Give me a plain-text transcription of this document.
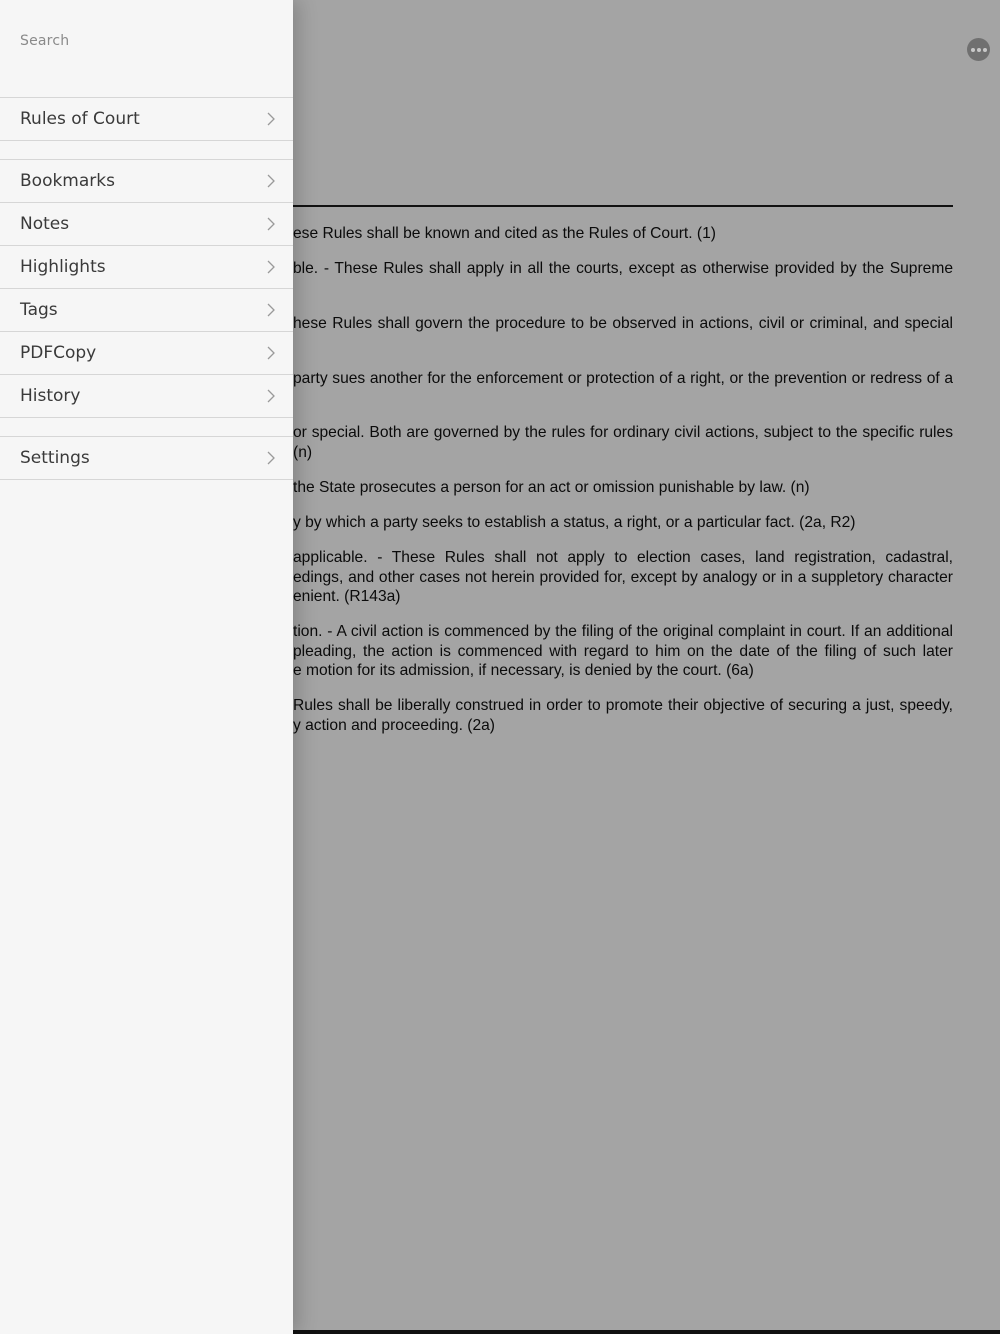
ese Rules shall be known and cited as the Rules of Court. (1)
ble. - These Rules shall apply in all the courts, except as otherwise provided by the Supreme
hese Rules shall govern the procedure to be observed in actions, civil or criminal, and special
party sues another for the enforcement or protection of a right, or the prevention or redress of a
or special. Both are governed by the rules for ordinary civil actions, subject to the specific rules
(n)
the State prosecutes a person for an act or omission punishable by law. (n)
y by which a party seeks to establish a status, a right, or a particular fact. (2a, R2)
applicable. - These Rules shall not apply to election cases, land registration, cadastral,
edings, and other cases not herein provided for, except by analogy or in a suppletory character
enient. (R143a)
tion. - A civil action is commenced by the filing of the original complaint in court. If an additional
pleading, the action is commenced with regard to him on the date of the filing of such later
e motion for its admission, if necessary, is denied by the court. (6a)
Rules shall be liberally construed in order to promote their objective of securing a just, speedy,
y action and proceeding. (2a)
Search
Rules of Court
Bookmarks
Notes
Highlights
Tags
PDFCopy
History
Settings
